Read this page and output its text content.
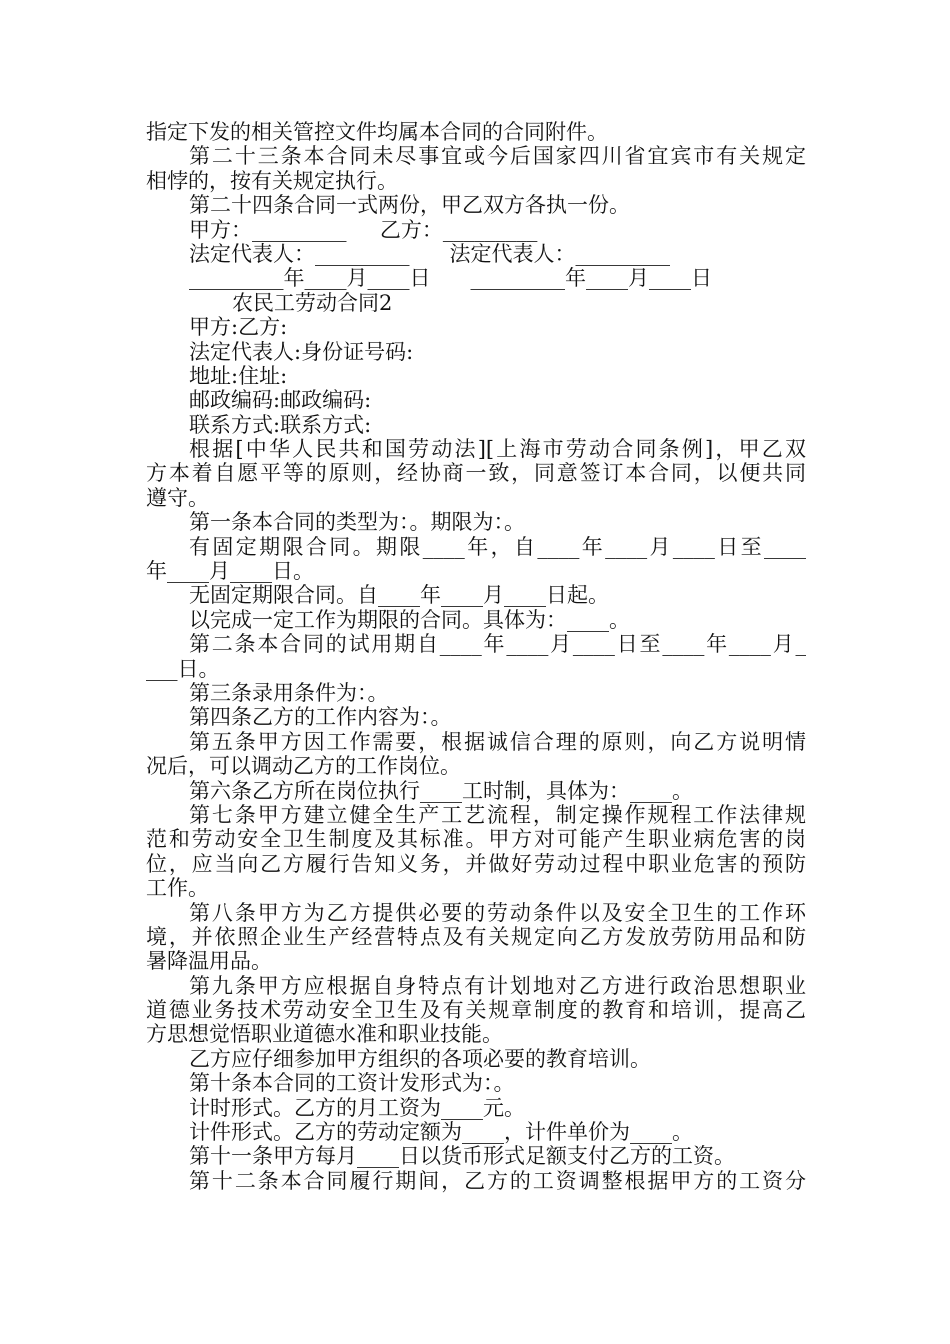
指定下发的相关管控文件均属本合同的合同附件。
第二十三条本合同未尽事宜或今后国家四川省宜宾市有关规定
相悖的，按有关规定执行。
第二十四条合同一式两份，甲乙双方各执一份。
甲方：_________     乙方：_________
法定代表人：_________      法定代表人：_________
_________年____月____日      _________年____月____日
农民工劳动合同2
甲方:乙方:
法定代表人:身份证号码:
地址:住址:
邮政编码:邮政编码:
联系方式:联系方式:
根据[中华人民共和国劳动法][上海市劳动合同条例]，甲乙双
方本着自愿平等的原则，经协商一致，同意签订本合同，以便共同
遵守。
第一条本合同的类型为：。期限为：。
有固定期限合同。期限____年，自____年____月____日至____
年____月____日。
无固定期限合同。自____年____月____日起。
以完成一定工作为期限的合同。具体为：____。
第二条本合同的试用期自____年____月____日至____年____月_
___日。
第三条录用条件为：。
第四条乙方的工作内容为：。
第五条甲方因工作需要，根据诚信合理的原则，向乙方说明情
况后，可以调动乙方的工作岗位。
第六条乙方所在岗位执行____工时制，具体为：____。
第七条甲方建立健全生产工艺流程，制定操作规程工作法律规
范和劳动安全卫生制度及其标准。甲方对可能产生职业病危害的岗
位，应当向乙方履行告知义务，并做好劳动过程中职业危害的预防
工作。
第八条甲方为乙方提供必要的劳动条件以及安全卫生的工作环
境，并依照企业生产经营特点及有关规定向乙方发放劳防用品和防
暑降温用品。
第九条甲方应根据自身特点有计划地对乙方进行政治思想职业
道德业务技术劳动安全卫生及有关规章制度的教育和培训，提高乙
方思想觉悟职业道德水准和职业技能。
乙方应仔细参加甲方组织的各项必要的教育培训。
第十条本合同的工资计发形式为：。
计时形式。乙方的月工资为____元。
计件形式。乙方的劳动定额为____，计件单价为____。
第十一条甲方每月____日以货币形式足额支付乙方的工资。
第十二条本合同履行期间，乙方的工资调整根据甲方的工资分
